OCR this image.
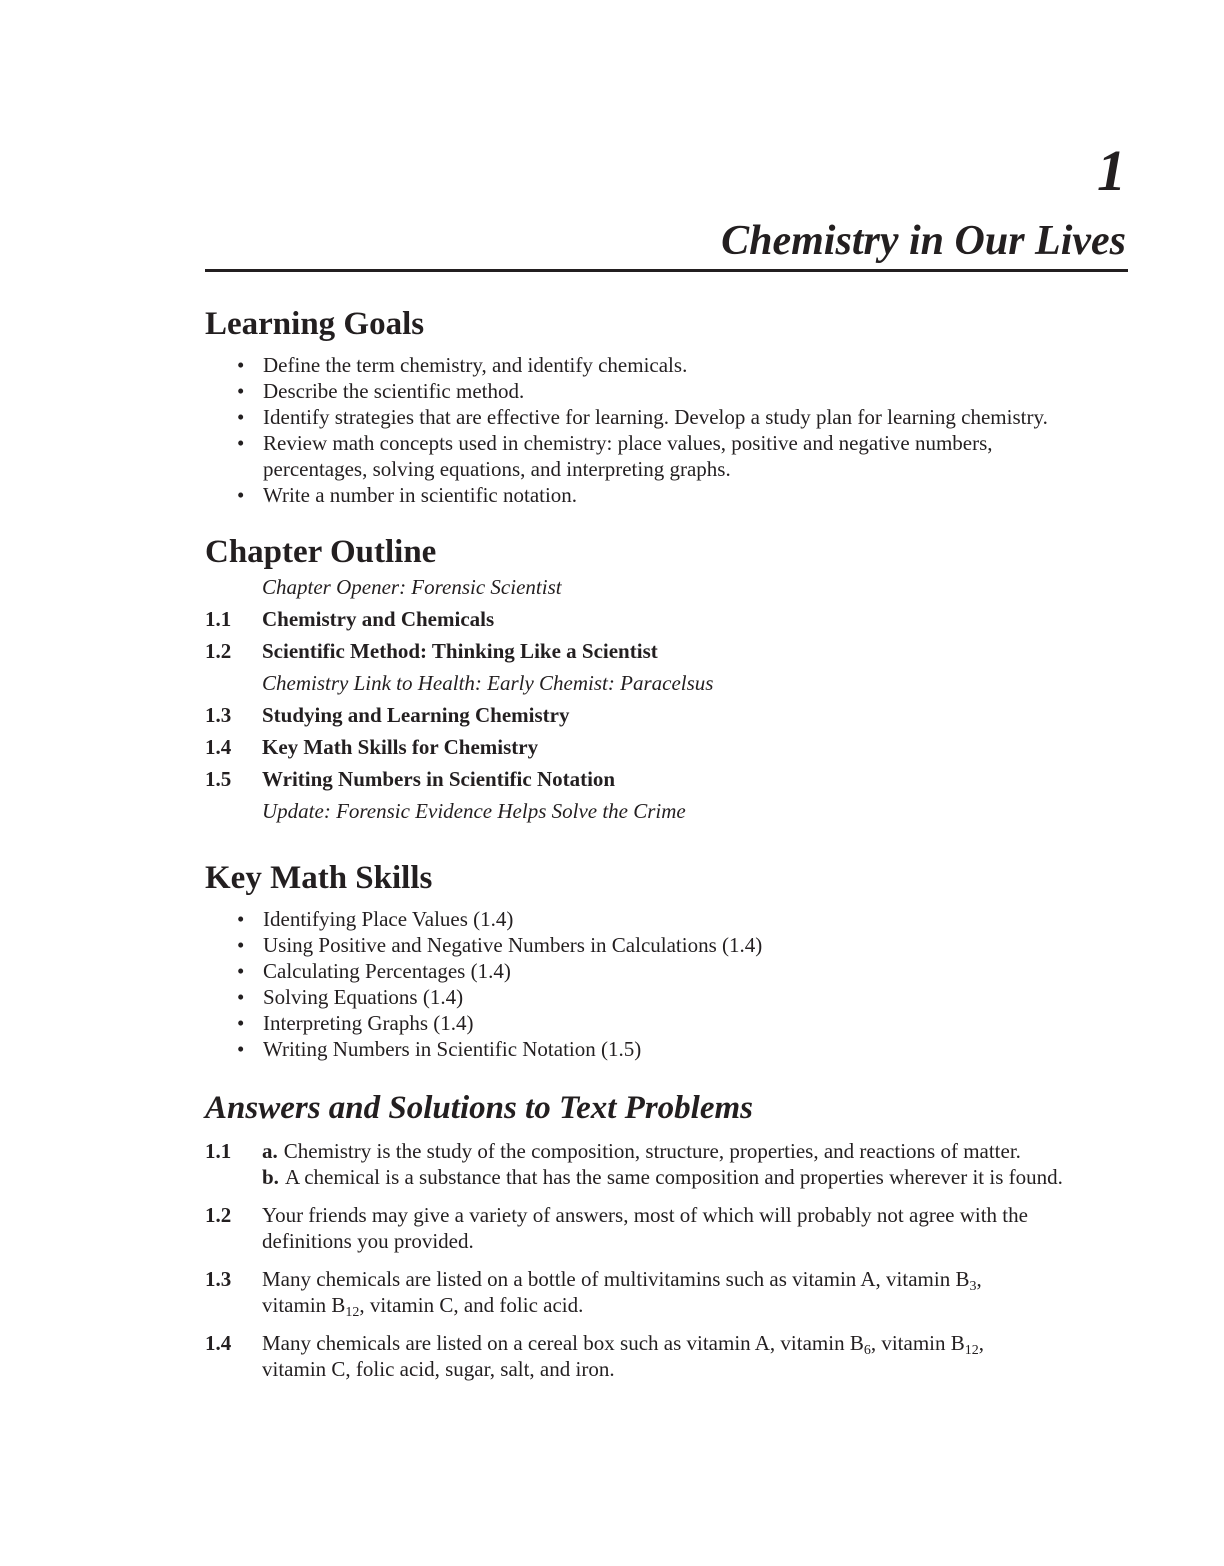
1
Chemistry in Our Lives
Learning Goals
• Define the term chemistry, and identify chemicals.
• Describe the scientific method.
• Identify strategies that are effective for learning. Develop a study plan for learning chemistry.
• Review math concepts used in chemistry: place values, positive and negative numbers,
percentages, solving equations, and interpreting graphs.
• Write a number in scientific notation.
Chapter Outline
Chapter Opener: Forensic Scientist
1.1 Chemistry and Chemicals
1.2 Scientific Method: Thinking Like a Scientist
Chemistry Link to Health: Early Chemist: Paracelsus
1.3 Studying and Learning Chemistry
1.4 Key Math Skills for Chemistry
1.5 Writing Numbers in Scientific Notation
Update: Forensic Evidence Helps Solve the Crime
Key Math Skills
• Identifying Place Values (1.4)
• Using Positive and Negative Numbers in Calculations (1.4)
• Calculating Percentages (1.4)
• Solving Equations (1.4)
• Interpreting Graphs (1.4)
• Writing Numbers in Scientific Notation (1.5)
Answers and Solutions to Text Problems
1.1 a. Chemistry is the study of the composition, structure, properties, and reactions of matter.
b. A chemical is a substance that has the same composition and properties wherever it is found.
1.2 Your friends may give a variety of answers, most of which will probably not agree with the
definitions you provided.
1.3 Many chemicals are listed on a bottle of multivitamins such as vitamin A, vitamin $B_3$,
vitamin $B_{12}$, vitamin C, and folic acid.
1.4 Many chemicals are listed on a cereal box such as vitamin A, vitamin $B_6$, vitamin $B_{12}$,
vitamin C, folic acid, sugar, salt, and iron.
